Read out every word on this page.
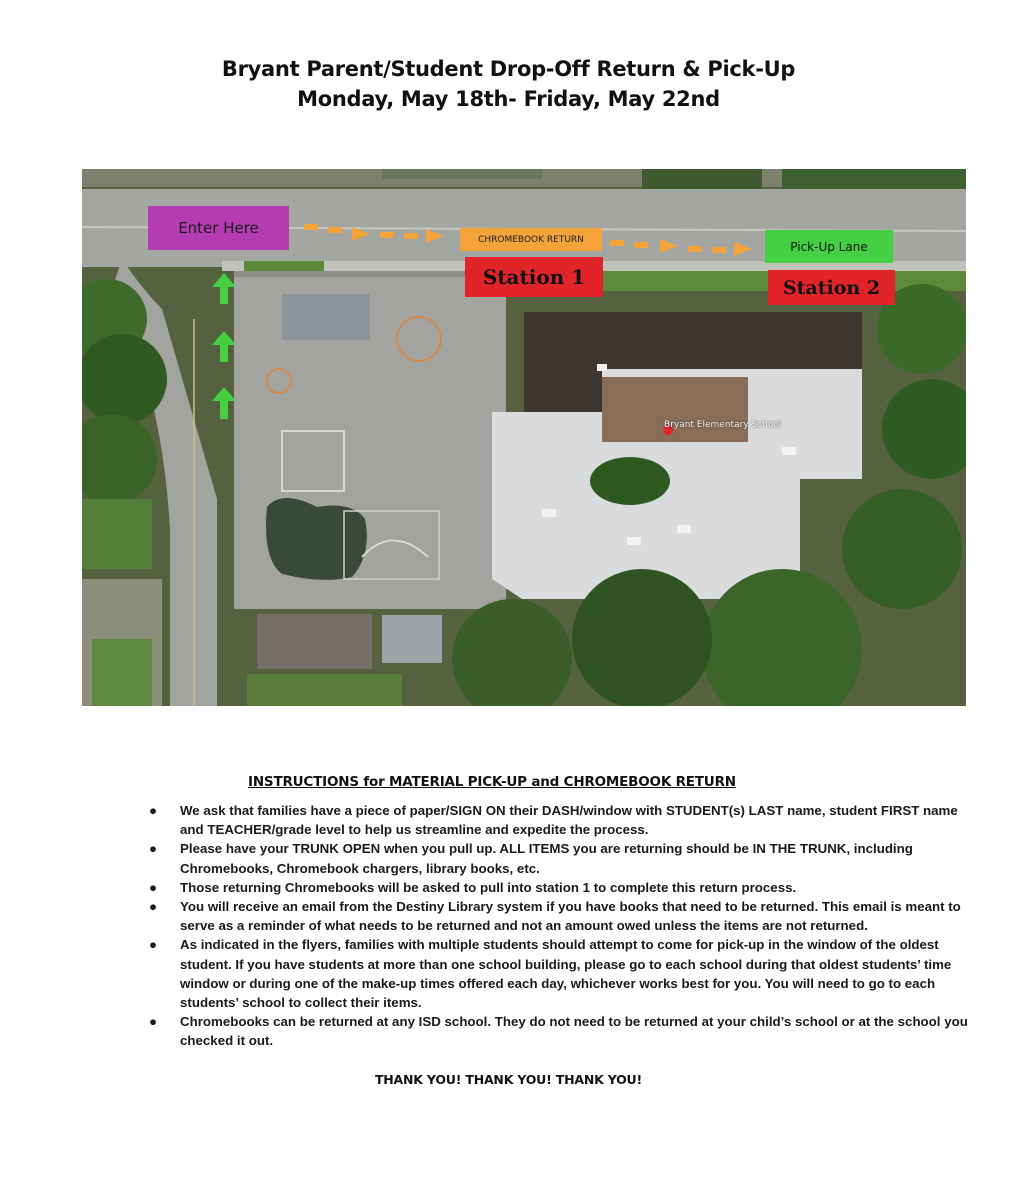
Bryant Parent/Student Drop-Off Return & Pick-Up
Monday, May 18th- Friday, May 22nd
Enter Here
CHROMEBOOK RETURN
Station 1
Pick-Up Lane
Station 2
Bryant Elementary School
INSTRUCTIONS for MATERIAL PICK-UP and CHROMEBOOK RETURN
● We ask that families have a piece of paper/SIGN ON their DASH/window with STUDENT(s) LAST name, student FIRST name and TEACHER/grade level to help us streamline and expedite the process.
● Please have your TRUNK OPEN when you pull up. ALL ITEMS you are returning should be IN THE TRUNK, including Chromebooks, Chromebook chargers, library books, etc.
● Those returning Chromebooks will be asked to pull into station 1 to complete this return process.
● You will receive an email from the Destiny Library system if you have books that need to be returned. This email is meant to serve as a reminder of what needs to be returned and not an amount owed unless the items are not returned.
● As indicated in the flyers, families with multiple students should attempt to come for pick-up in the window of the oldest student. If you have students at more than one school building, please go to each school during that oldest students’ time window or during one of the make-up times offered each day, whichever works best for you. You will need to go to each students’ school to collect their items.
● Chromebooks can be returned at any ISD school. They do not need to be returned at your child’s school or at the school you checked it out.
THANK YOU! THANK YOU! THANK YOU!
